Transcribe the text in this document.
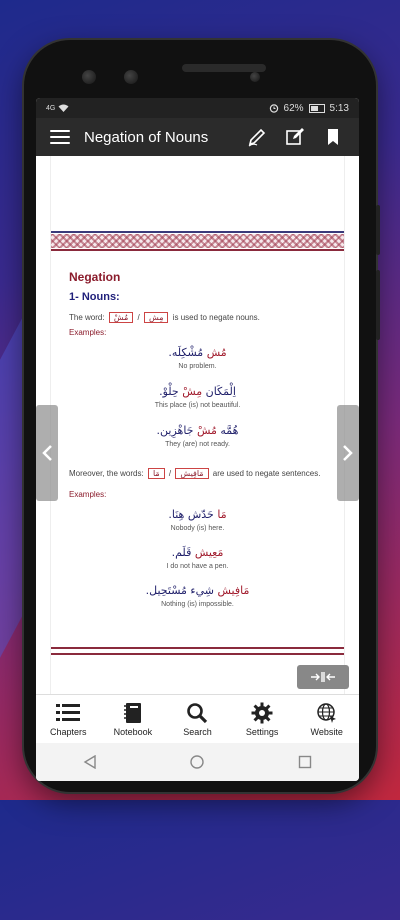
4G	62%	5:13
Negation of Nouns
Negation
1- Nouns:
The word: مُشْ / مِش is used to negate nouns.
Examples:
مُش مُشْكِلَه.
No problem.
اِلْمَكَان مِشْ حِلْوْ.
This place (is) not beautiful.
هُمَّه مُشْ جَاهْزِين.
They (are) not ready.
Moreover, the words: مَا / مَافِيش are used to negate sentences.
Examples:
مَا حَدّش هِنَا.
Nobody (is) here.
مَعِيش قَلَم.
I do not have a pen.
مَافِيش شِيء مُسْتَحِيل.
Nothing (is) impossible.
Chapters	Notebook	Search	Settings	Website
